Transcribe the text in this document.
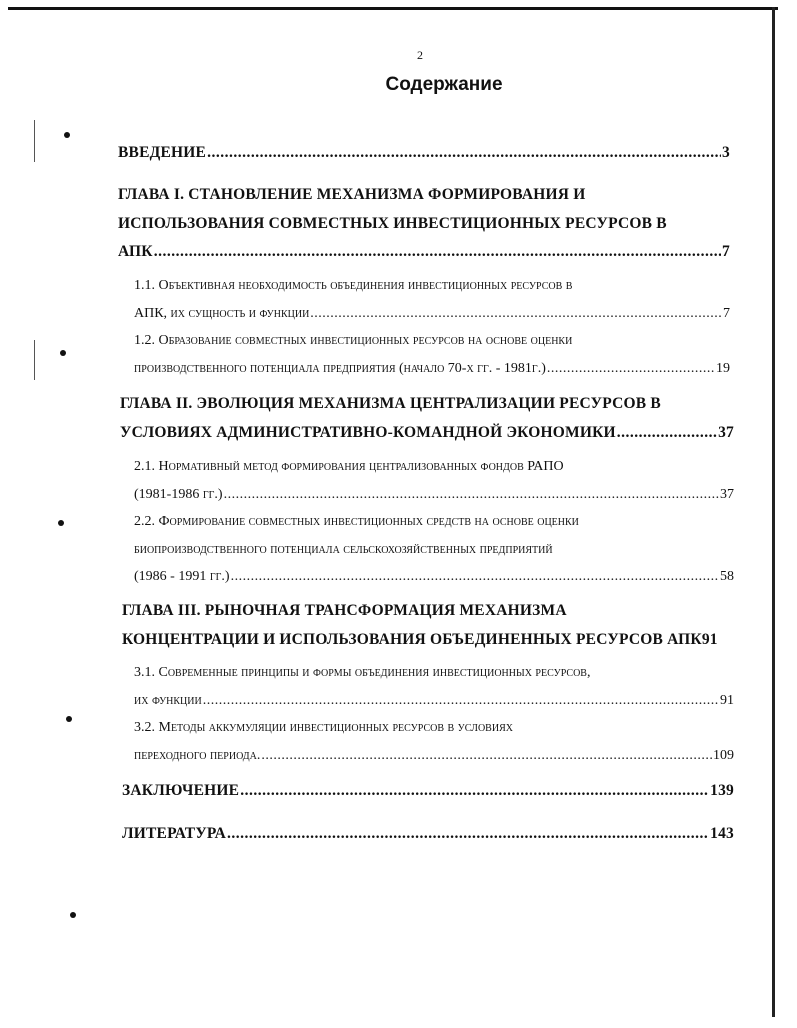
2
Содержание
ВВЕДЕНИЕ .....	3
ГЛАВА I. СТАНОВЛЕНИЕ МЕХАНИЗМА ФОРМИРОВАНИЯ И
ИСПОЛЬЗОВАНИЯ СОВМЕСТНЫХ ИНВЕСТИЦИОННЫХ РЕСУРСОВ В
АПК .....	7
1.1. Объективная необходимость объединения инвестиционных ресурсов в
АПК, их сущность и функции .....	7
1.2. Образование совместных инвестиционных ресурсов на основе оценки
производственного потенциала предприятия (начало 70-х гг. - 1981г.) .....	19
ГЛАВА II. ЭВОЛЮЦИЯ МЕХАНИЗМА ЦЕНТРАЛИЗАЦИИ РЕСУРСОВ В
УСЛОВИЯХ АДМИНИСТРАТИВНО-КОМАНДНОЙ ЭКОНОМИКИ .....	37
2.1. Нормативный метод формирования централизованных фондов РАПО
(1981-1986 гг.) .....	37
2.2. Формирование совместных инвестиционных средств на основе оценки
биопроизводственного потенциала сельскохозяйственных предприятий
(1986 - 1991 гг.) .....	58
ГЛАВА III. РЫНОЧНАЯ ТРАНСФОРМАЦИЯ МЕХАНИЗМА
КОНЦЕНТРАЦИИ И ИСПОЛЬЗОВАНИЯ ОБЪЕДИНЕННЫХ РЕСУРСОВ АПК 91
3.1. Современные принципы и формы объединения инвестиционных ресурсов,
их функции .....	91
3.2. Методы аккумуляции инвестиционных ресурсов в условиях
переходного периода. .....	109
ЗАКЛЮЧЕНИЕ .....	139
ЛИТЕРАТУРА .....	143
